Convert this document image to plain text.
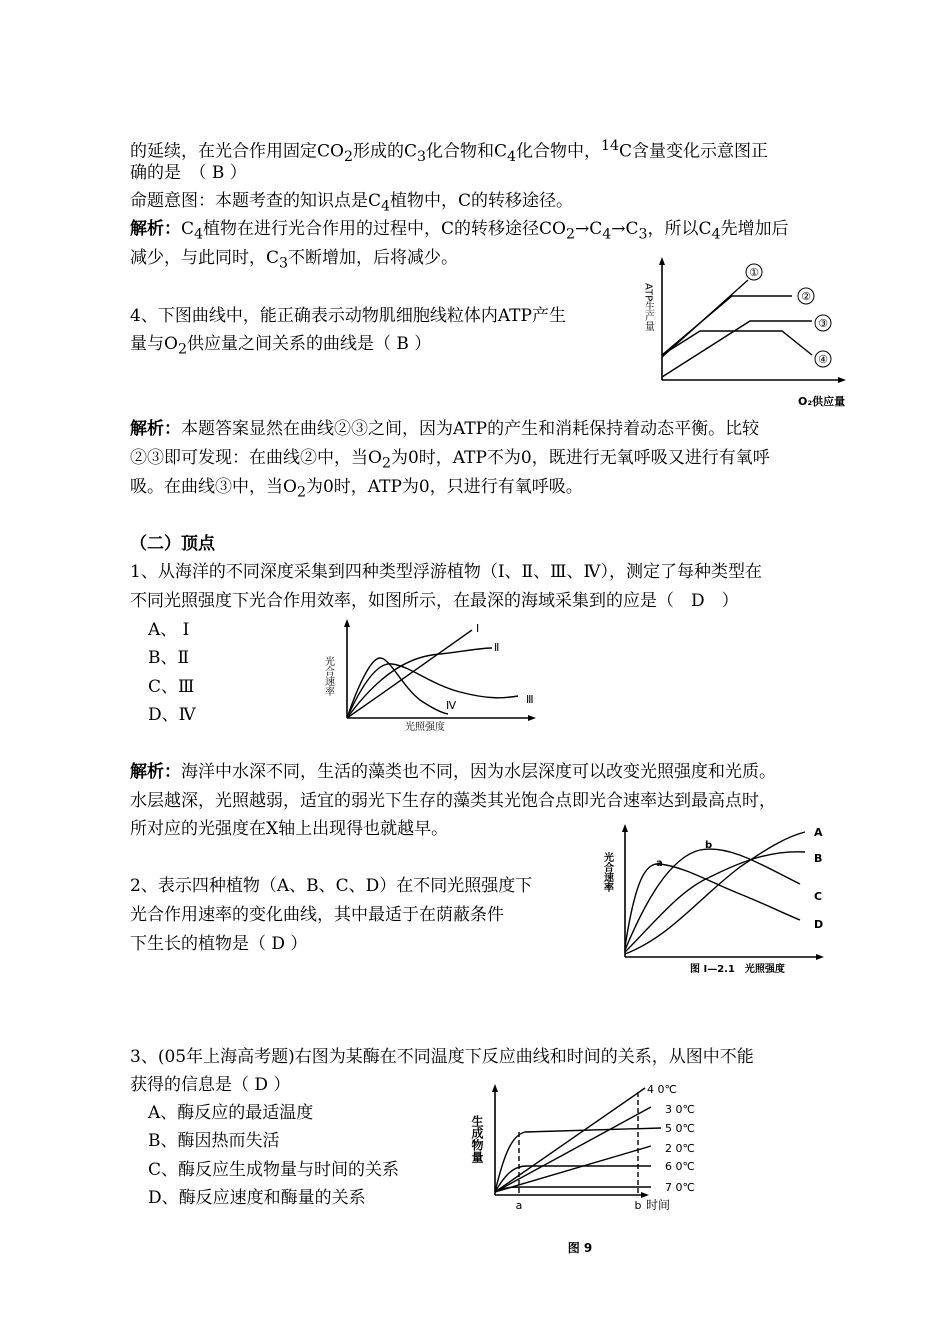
的延续，在光合作用固定$CO_2$形成的$C_3$化合物和$C_4$化合物中，$^{14}$C含量变化示意图正
确的是　（ B ）
命题意图：本题考查的知识点是$C_4$植物中，C的转移途径。
解析：$C_4$植物在进行光合作用的过程中，C的转移途径$CO_2\to C_4\to C_3$，所以$C_4$先增加后
减少，与此同时，$C_3$不断增加，后将减少。
4、下图曲线中，能正确表示动物肌细胞线粒体内ATP产生
量与$O_2$供应量之间关系的曲线是（ B ）
ATP生产量
O₂供应量
①
②
③
④
解析：本题答案显然在曲线②③之间，因为ATP的产生和消耗保持着动态平衡。比较
②③即可发现：在曲线②中，当$O_2$为0时，ATP不为0，既进行无氧呼吸又进行有氧呼
吸。在曲线③中，当$O_2$为0时，ATP为0，只进行有氧呼吸。
（二）顶点
1、从海洋的不同深度采集到四种类型浮游植物（Ⅰ、Ⅱ、Ⅲ、Ⅳ），测定了每种类型在
不同光照强度下光合作用效率，如图所示，在最深的海域采集到的应是（　D　）
A、 Ⅰ
B、Ⅱ
C、Ⅲ
D、Ⅳ
光合速率
光照强度
Ⅰ
Ⅱ
Ⅲ
Ⅳ
解析：海洋中水深不同，生活的藻类也不同，因为水层深度可以改变光照强度和光质。
水层越深，光照越弱，适宜的弱光下生存的藻类其光饱合点即光合速率达到最高点时，
所对应的光强度在X轴上出现得也就越早。
2、表示四种植物（A、B、C、D）在不同光照强度下
光合作用速率的变化曲线，其中最适于在荫蔽条件
下生长的植物是（ D ）
光合速率
图 I—2.1　光照强度
A
B
C
D
a
b
3、(05年上海高考题)右图为某酶在不同温度下反应曲线和时间的关系，从图中不能
获得的信息是（ D ）
A、酶反应的最适温度
B、酶因热而失活
C、酶反应生成物量与时间的关系
D、酶反应速度和酶量的关系
生成物量
a	b 时间
4 0℃
3 0℃
5 0℃
2 0℃
6 0℃
7 0℃
图 9
